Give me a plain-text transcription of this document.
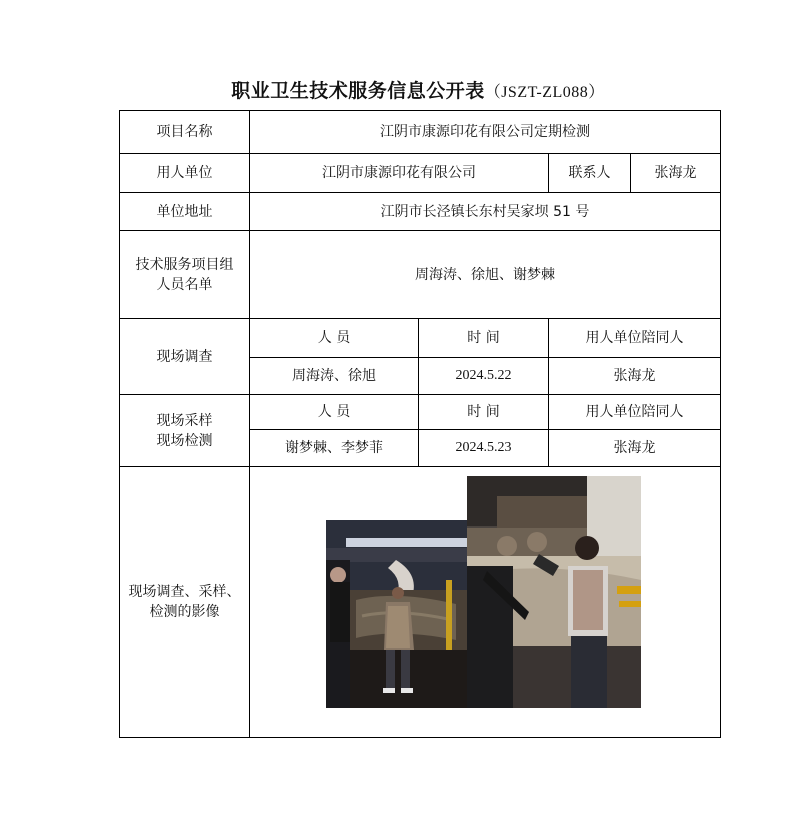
职业卫生技术服务信息公开表（JSZT-ZL088）
项目名称	江阴市康源印花有限公司定期检测			
用人单位	江阴市康源印花有限公司		联系人	张海龙
单位地址	江阴市长泾镇长东村吴家坝 51 号			

技术服务项目组
人员名单	周海涛、徐旭、谢梦棘			
现场调查	人 员	时 间	用人单位陪同人	
	周海涛、徐旭	2024.5.22	张海龙	

现场采样
现场检测	人 员	时 间	用人单位陪同人	
	谢梦棘、李梦菲	2024.5.23	张海龙	

现场调查、采样、
检测的影像				
